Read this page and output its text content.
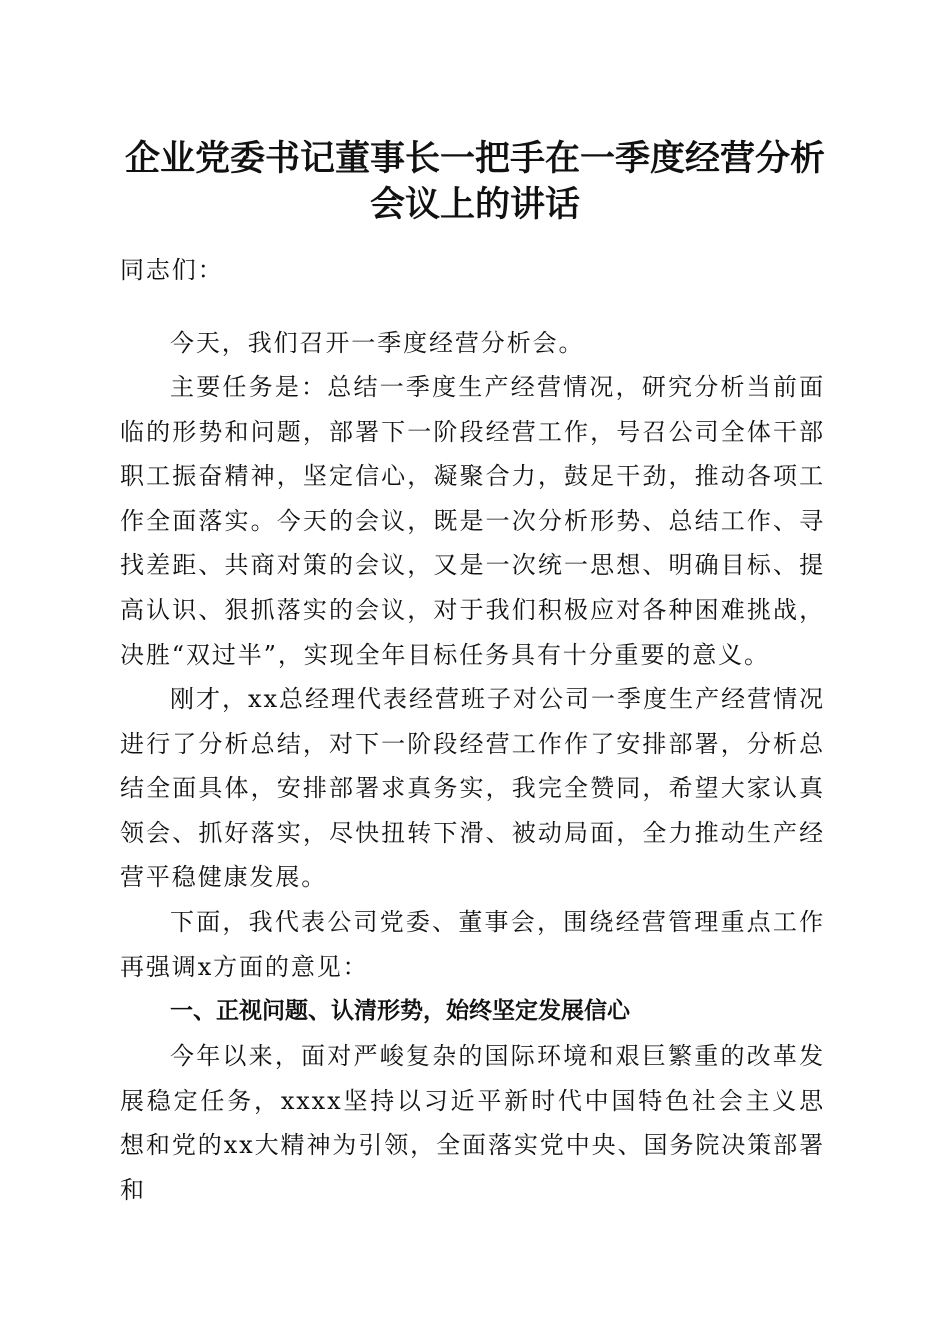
企业党委书记董事长一把手在一季度经营分析
会议上的讲话

同志们：

今天，我们召开一季度经营分析会。

主要任务是：总结一季度生产经营情况，研究分析当前面临的形势和问题，部署下一阶段经营工作，号召公司全体干部职工振奋精神，坚定信心，凝聚合力，鼓足干劲，推动各项工作全面落实。今天的会议，既是一次分析形势、总结工作、寻找差距、共商对策的会议，又是一次统一思想、明确目标、提高认识、狠抓落实的会议，对于我们积极应对各种困难挑战，决胜“双过半”，实现全年目标任务具有十分重要的意义。

刚才，xx总经理代表经营班子对公司一季度生产经营情况进行了分析总结，对下一阶段经营工作作了安排部署，分析总结全面具体，安排部署求真务实，我完全赞同，希望大家认真领会、抓好落实，尽快扭转下滑、被动局面，全力推动生产经营平稳健康发展。

下面，我代表公司党委、董事会，围绕经营管理重点工作再强调x方面的意见：

一、正视问题、认清形势，始终坚定发展信心

今年以来，面对严峻复杂的国际环境和艰巨繁重的改革发展稳定任务，xxxx坚持以习近平新时代中国特色社会主义思想和党的xx大精神为引领，全面落实党中央、国务院决策部署和
